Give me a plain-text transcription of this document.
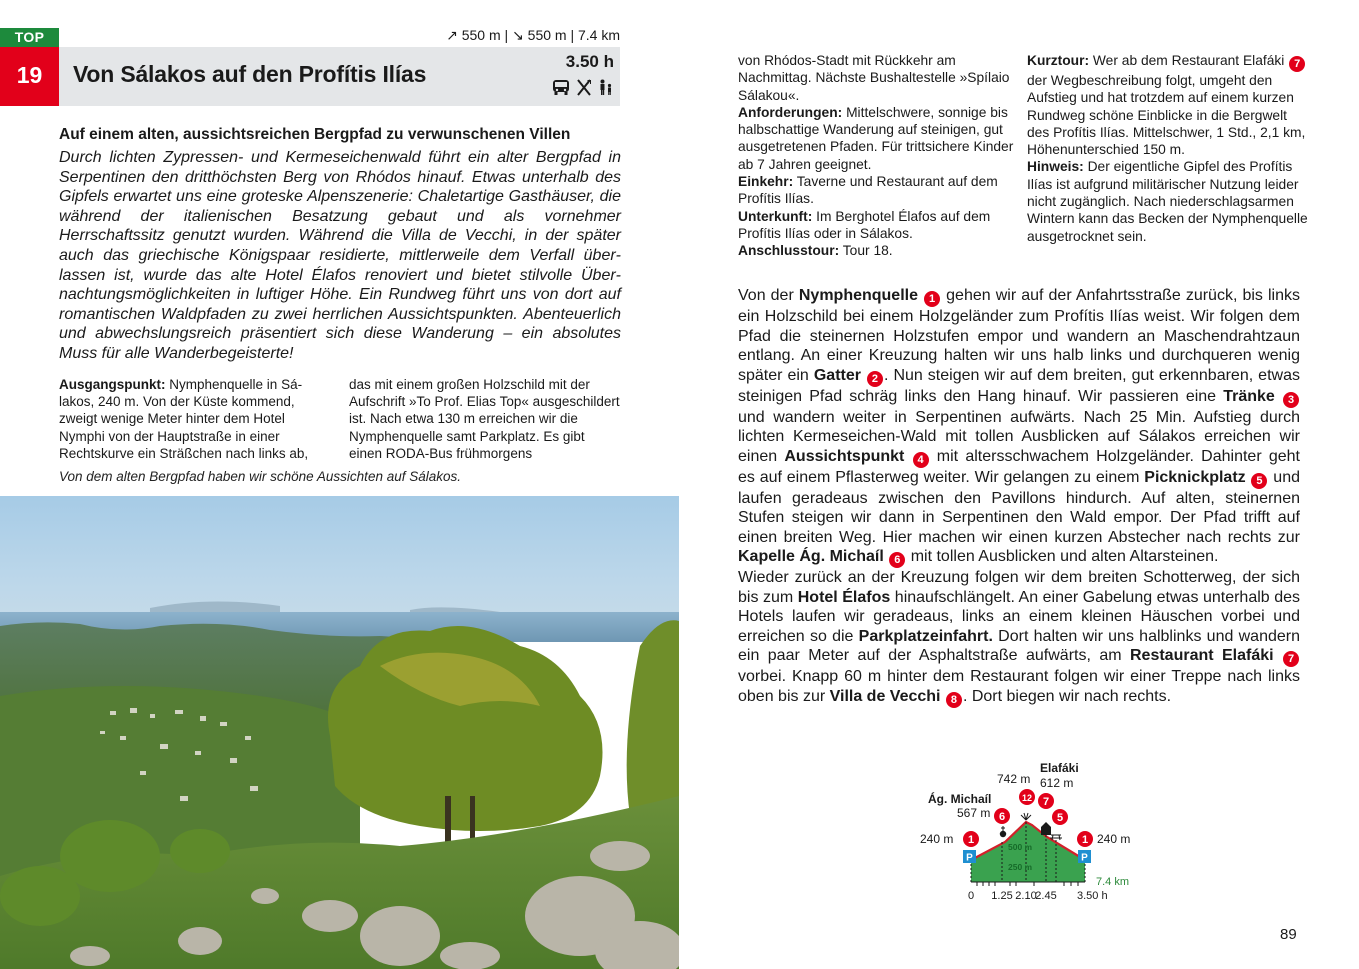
TOP
19
↗ 550 m | ↘ 550 m | 7.4 km
Von Sálakos auf den Profítis Ilías	3.50 h
Auf einem alten, aussichtsreichen Bergpfad zu verwunschenen Villen
Durch lichten Zypressen- und Kermeseichenwald führt ein alter Bergpfad in Serpentinen den dritthöchsten Berg von Rhódos hinauf. Etwas unterhalb des Gipfels erwartet uns eine groteske Alpenszenerie: Chaletartige Gasthäuser, die während der italienischen Besatzung gebaut und als vornehmer Herrschaftssitz genutzt wurden. Während die Villa de Vecchi, in der später auch das griechische Königspaar residierte, mittlerweile dem Verfall überlassen ist, wurde das alte Hotel Élafos renoviert und bietet stilvolle Übernachtungsmöglichkeiten in luftiger Höhe. Ein Rundweg führt uns von dort auf romantischen Waldpfaden zu zwei herrlichen Aussichtspunkten. Abenteuerlich und abwechslungsreich präsentiert sich diese Wanderung – ein absolutes Muss für alle Wanderbegeisterte!
Ausgangspunkt: Nymphenquelle in Sálakos, 240 m. Von der Küste kommend, zweigt wenige Meter hinter dem Hotel Nymphi von der Hauptstraße in einer Rechtskurve ein Sträßchen nach links ab,
das mit einem großen Holzschild mit der Aufschrift »To Prof. Elias Top« ausgeschildert ist. Nach etwa 130 m erreichen wir die Nymphenquelle samt Parkplatz. Es gibt einen RODA-Bus frühmorgens
Von dem alten Bergpfad haben wir schöne Aussichten auf Sálakos.
von Rhódos-Stadt mit Rückkehr am Nachmittag. Nächste Bushaltestelle »Spílaio Sálakou«.
Anforderungen: Mittelschwere, sonnige bis halbschattige Wanderung auf steinigen, gut ausgetretenen Pfaden. Für trittsichere Kinder ab 7 Jahren geeignet.
Einkehr: Taverne und Restaurant auf dem Profítis Ilías.
Unterkunft: Im Berghotel Élafos auf dem Profítis Ilías oder in Sálakos.
Anschlusstour: Tour 18.
Kurztour: Wer ab dem Restaurant Elafáki 7 der Wegbeschreibung folgt, umgeht den Aufstieg und hat trotzdem auf einem kurzen Rundweg schöne Einblicke in die Bergwelt des Profítis Ilías. Mittelschwer, 1 Std., 2,1 km, Höhenunterschied 150 m.
Hinweis: Der eigentliche Gipfel des Profítis Ilías ist aufgrund militärischer Nutzung leider nicht zugänglich. Nach niederschlagsarmen Wintern kann das Becken der Nymphenquelle ausgetrocknet sein.

Von der Nymphenquelle 1 gehen wir auf der Anfahrtsstraße zurück, bis links ein Holzschild bei einem Holzgeländer zum Profítis Ilías weist. Wir folgen dem Pfad die steinernen Holzstufen empor und wandern an Maschendrahtzaun entlang. An einer Kreuzung halten wir uns halb links und durchqueren wenig später ein Gatter 2 . Nun steigen wir auf dem breiten, gut erkennbaren, etwas steinigen Pfad schräg links den Hang hinauf. Wir passieren eine Tränke 3 und wandern weiter in Serpentinen aufwärts. Nach 25 Min. Aufstieg durch lichten Kermeseichen-Wald mit tollen Ausblicken auf Sálakos erreichen wir einen Aussichtspunkt 4 mit altersschwachem Holzgeländer. Dahinter geht es auf einem Pflasterweg weiter. Wir gelangen zu einem Picknickplatz 5 und laufen geradeaus zwischen den Pavillons hindurch. Auf alten, steinernen Stufen steigen wir dann in Serpentinen den Wald empor. Der Pfad trifft auf einen breiten Weg. Hier machen wir einen kurzen Abstecher nach rechts zur Kapelle Ág. Michaíl 6 mit tollen Ausblicken und alten Altarsteinen.

Wieder zurück an der Kreuzung folgen wir dem breiten Schotterweg, der sich bis zum Hotel Élafos hinaufschlängelt. An einer Gabelung etwas unterhalb des Hotels laufen wir geradeaus, links an einem kleinen Häuschen vorbei und erreichen so die Parkplatzeinfahrt. Dort halten wir uns halblinks und wandern ein paar Meter auf der Asphaltstraße aufwärts, am Restaurant Elafáki 7 vorbei. Knapp 60 m hinter dem Restaurant folgen wir einer Treppe nach links oben bis zur Villa de Vecchi 8 . Dort biegen wir nach rechts.

500 m
250 m
P	P
1
6
12 7
5
1
240 m	240 m
Ág. Michaíl
567 m
742 m
Elafáki
612 m
7.4 km
0 1.25 2.10
2.45 3.50 h
89
